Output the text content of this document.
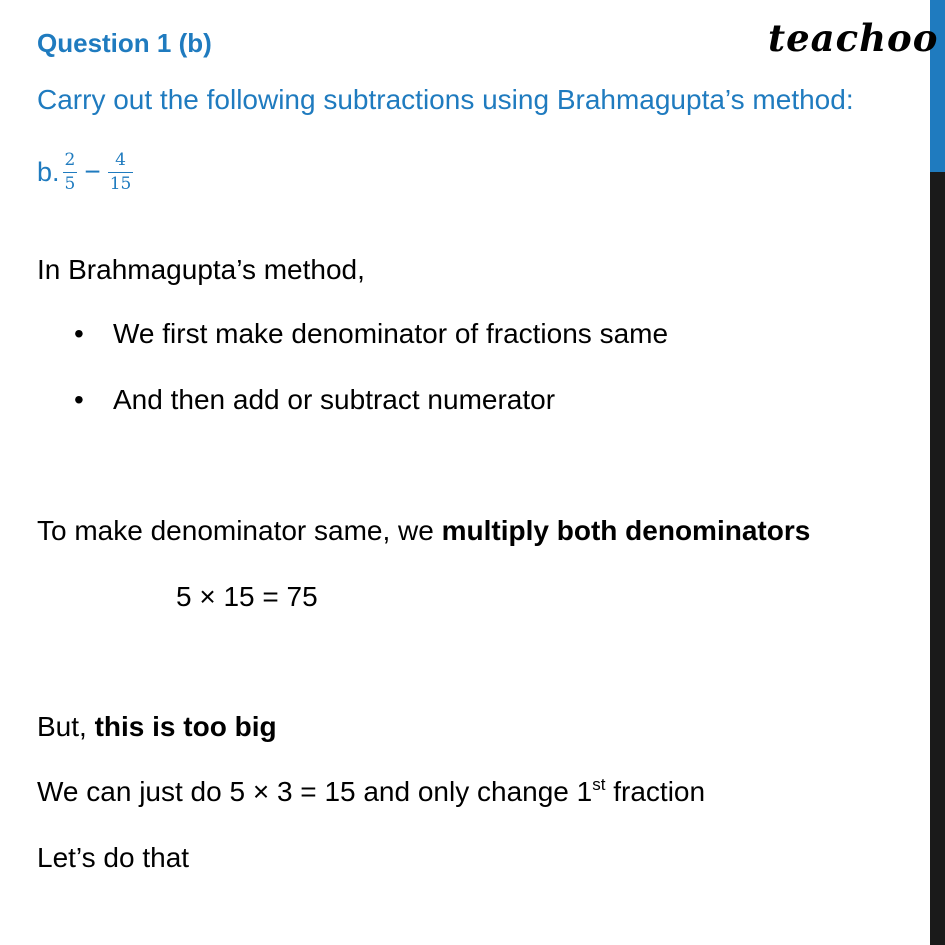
teachoo
Question 1 (b)
Carry out the following subtractions using Brahmagupta’s method:
b. $\frac{2}{5} - \frac{4}{15}$
In Brahmagupta’s method,
• We first make denominator of fractions same
• And then add or subtract numerator
To make denominator same, we multiply both denominators
5 × 15 = 75
But, this is too big
We can just do 5 × 3 = 15 and only change 1st fraction
Let’s do that
